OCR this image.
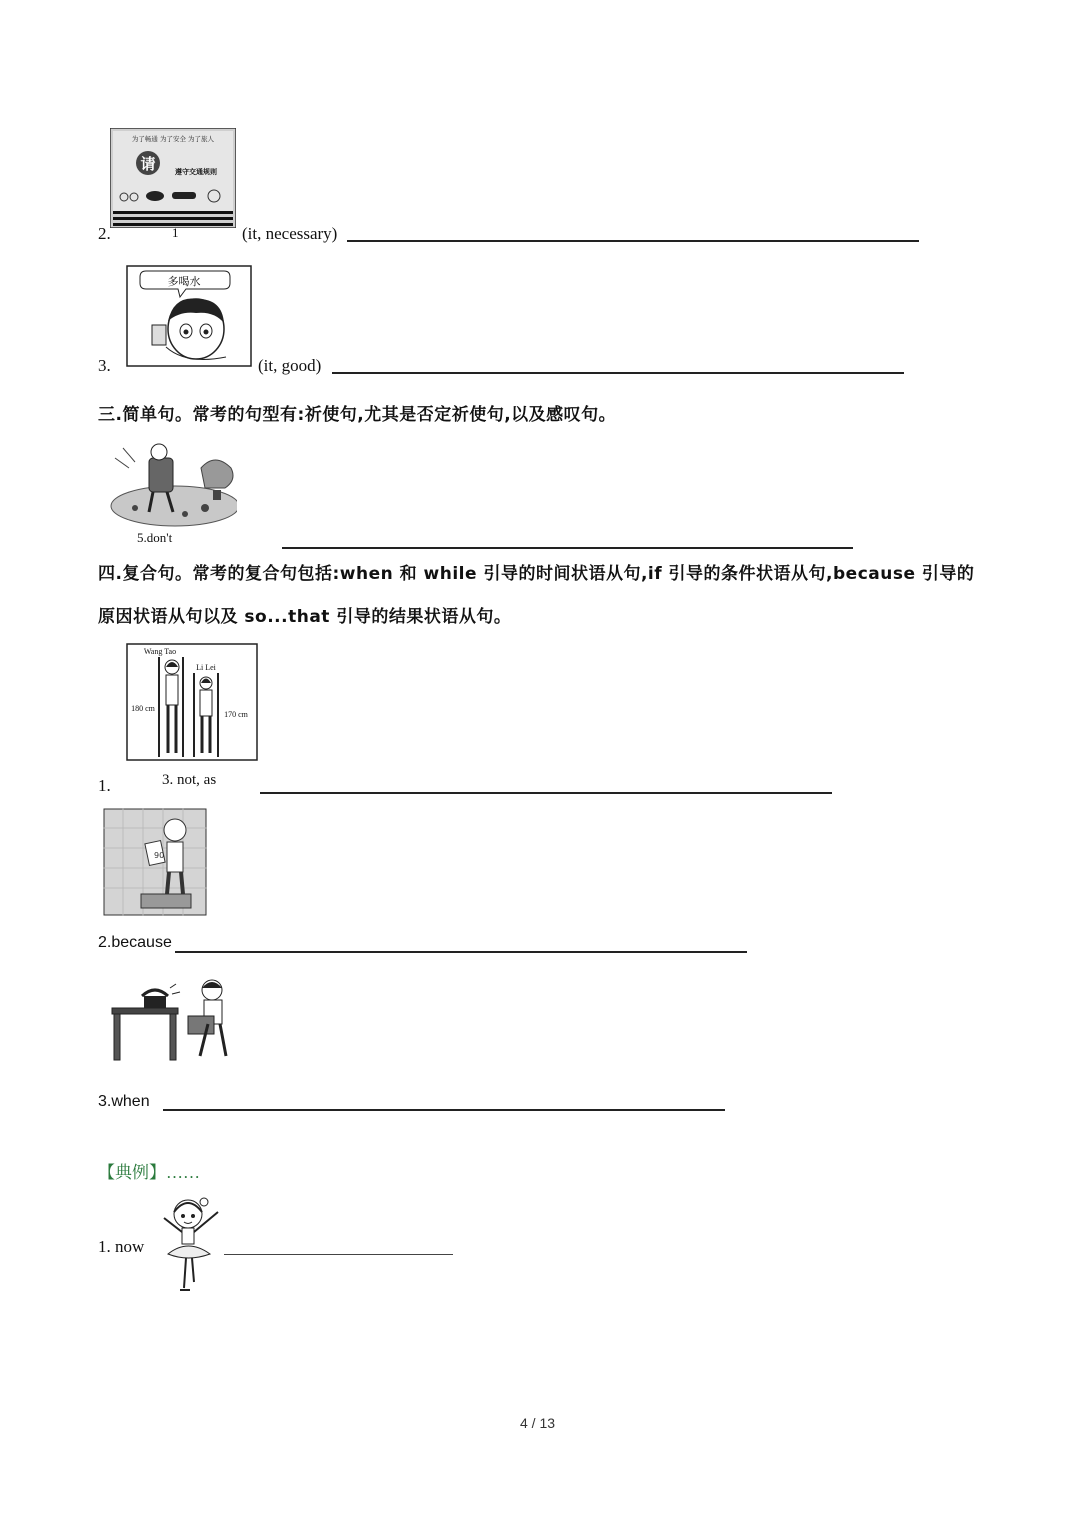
为了畅通 为了安全 为了旅人
请	遵守交通规则
2.	1	(it, necessary)
多喝水
3.	(it, good)
三.简单句。常考的句型有:祈使句,尤其是否定祈使句,以及感叹句。
5.don't
四.复合句。常考的复合句包括:when 和 while 引导的时间状语从句,if 引导的条件状语从句,because 引导的
原因状语从句以及 so...that 引导的结果状语从句。
Wang Tao
Li Lei
180 cm
170 cm
1.	3. not, as
90
2.because
3.when
【典例】……
1. now
4 / 13
